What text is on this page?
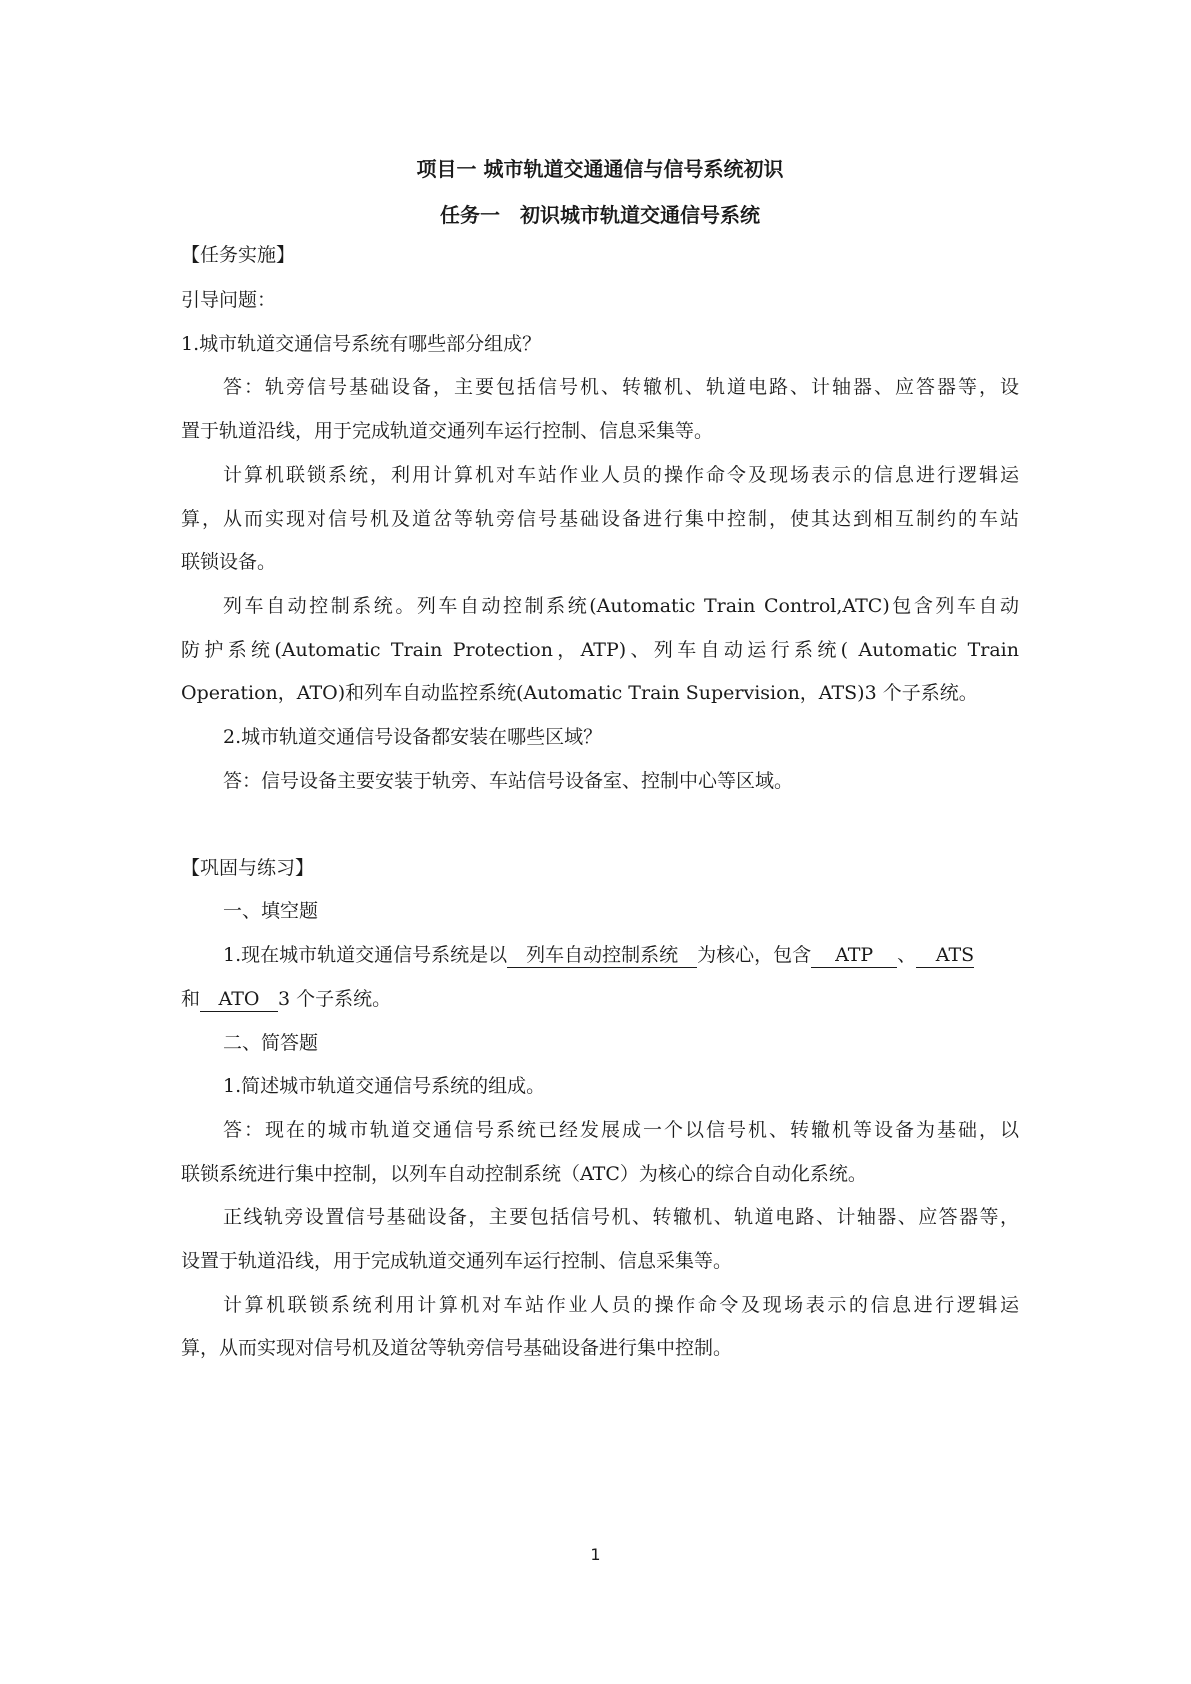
项目一 城市轨道交通通信与信号系统初识
任务一　初识城市轨道交通信号系统
【任务实施】
引导问题：
1.城市轨道交通信号系统有哪些部分组成？
答：轨旁信号基础设备，主要包括信号机、转辙机、轨道电路、计轴器、应答器等，设
置于轨道沿线，用于完成轨道交通列车运行控制、信息采集等。
计算机联锁系统，利用计算机对车站作业人员的操作命令及现场表示的信息进行逻辑运
算，从而实现对信号机及道岔等轨旁信号基础设备进行集中控制，使其达到相互制约的车站
联锁设备。
列车自动控制系统。列车自动控制系统(Automatic Train Control,ATC)包含列车自动
防护系统(Automatic Train Protection，ATP)、列车自动运行系统( Automatic Train
Operation，ATO)和列车自动监控系统(Automatic Train Supervision，ATS)3 个子系统。
2.城市轨道交通信号设备都安装在哪些区域？
答：信号设备主要安装于轨旁、车站信号设备室、控制中心等区域。
【巩固与练习】
一、填空题
1.现在城市轨道交通信号系统是以 列车自动控制系统 为核心，包含 ATP 、 ATS
和 ATO 3 个子系统。
二、简答题
1.简述城市轨道交通信号系统的组成。
答：现在的城市轨道交通信号系统已经发展成一个以信号机、转辙机等设备为基础，以
联锁系统进行集中控制，以列车自动控制系统（ATC）为核心的综合自动化系统。
正线轨旁设置信号基础设备，主要包括信号机、转辙机、轨道电路、计轴器、应答器等，
设置于轨道沿线，用于完成轨道交通列车运行控制、信息采集等。
计算机联锁系统利用计算机对车站作业人员的操作命令及现场表示的信息进行逻辑运
算，从而实现对信号机及道岔等轨旁信号基础设备进行集中控制。
1
